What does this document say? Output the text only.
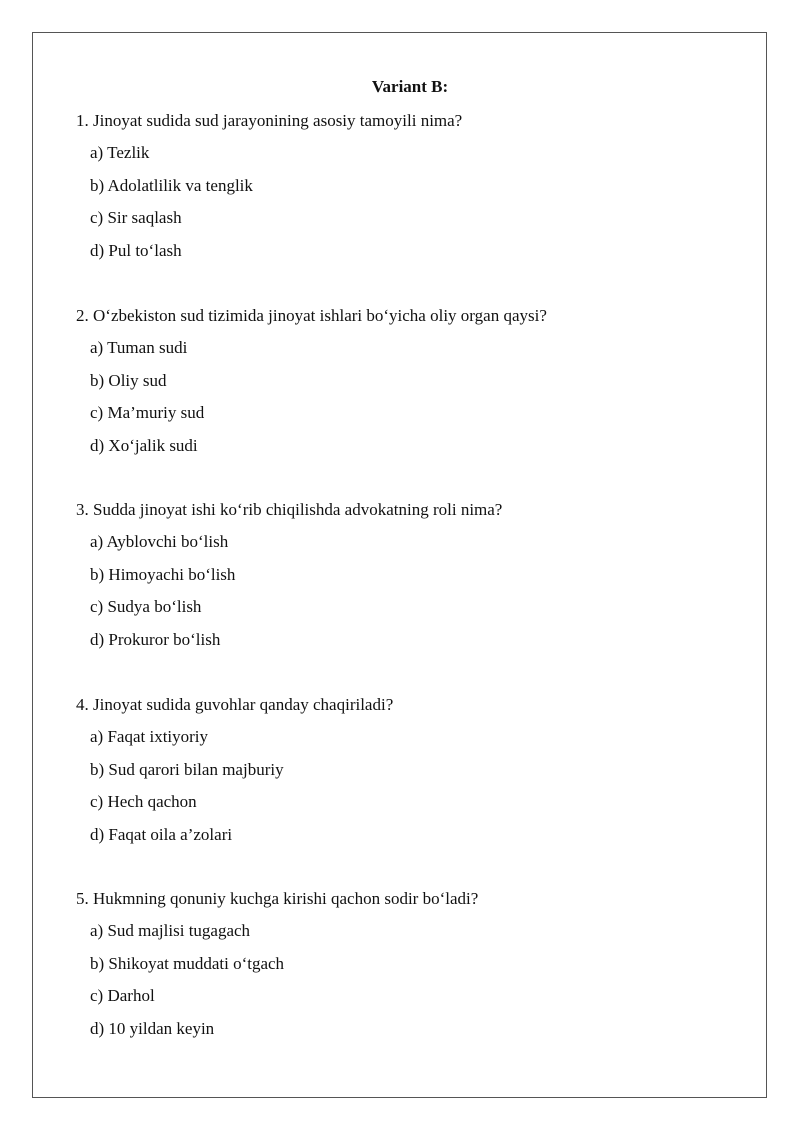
Variant B:
1. Jinoyat sudida sud jarayonining asosiy tamoyili nima?
a) Tezlik
b) Adolatlilik va tenglik
c) Sir saqlash
d) Pul to‘lash
2. O‘zbekiston sud tizimida jinoyat ishlari bo‘yicha oliy organ qaysi?
a) Tuman sudi
b) Oliy sud
c) Ma’muriy sud
d) Xo‘jalik sudi
3. Sudda jinoyat ishi ko‘rib chiqilishda advokatning roli nima?
a) Ayblovchi bo‘lish
b) Himoyachi bo‘lish
c) Sudya bo‘lish
d) Prokuror bo‘lish
4. Jinoyat sudida guvohlar qanday chaqiriladi?
a) Faqat ixtiyoriy
b) Sud qarori bilan majburiy
c) Hech qachon
d) Faqat oila a’zolari
5. Hukmning qonuniy kuchga kirishi qachon sodir bo‘ladi?
a) Sud majlisi tugagach
b) Shikoyat muddati o‘tgach
c) Darhol
d) 10 yildan keyin
